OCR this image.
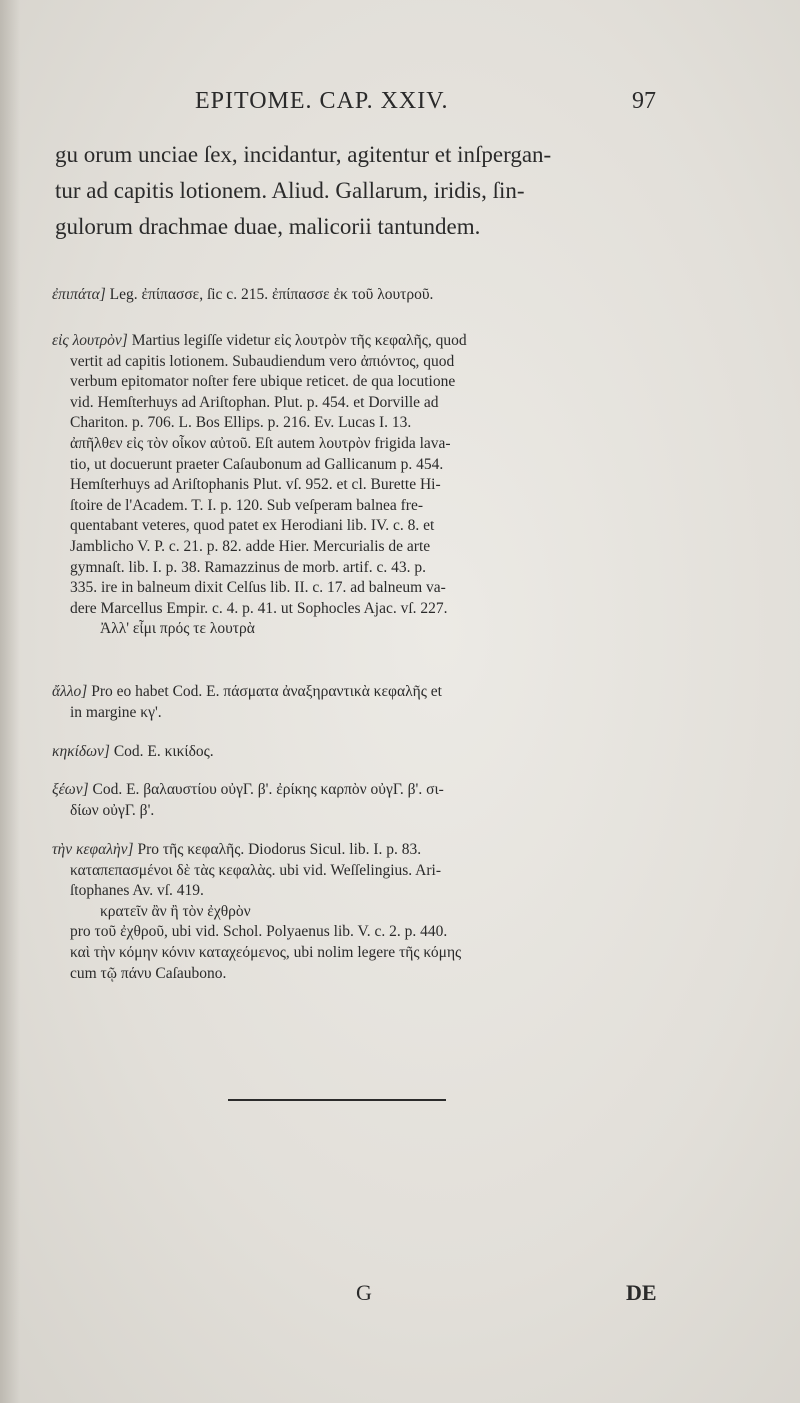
EPITOME. CAP. XXIV.	97
gu orum unciae ſex, incidantur, agitentur et inſpergan-
tur ad capitis lotionem. Aliud. Gallarum, iridis, ſin-
gulorum drachmae duae, malicorii tantundem.
ἐπιπάτα] Leg. ἐπίπασσε, ſic c. 215. ἐπίπασσε ἐκ τοῦ λουτροῦ.
εἰς λουτρὸν] Martius legiſſe videtur εἰς λουτρὸν τῆς κεφαλῆς, quod
vertit ad capitis lotionem. Subaudiendum vero ἀπιόντος, quod
verbum epitomator noſter fere ubique reticet. de qua locutione
vid. Hemſterhuys ad Ariſtophan. Plut. p. 454. et Dorville ad
Chariton. p. 706. L. Bos Ellips. p. 216. Ev. Lucas I. 13.
ἀπῆλθεν εἰς τὸν οἶκον αὐτοῦ. Eſt autem λουτρὸν frigida lava-
tio, ut docuerunt praeter Caſaubonum ad Gallicanum p. 454.
Hemſterhuys ad Ariſtophanis Plut. vſ. 952. et cl. Burette Hi-
ſtoire de l'Academ. T. I. p. 120. Sub veſperam balnea fre-
quentabant veteres, quod patet ex Herodiani lib. IV. c. 8. et
Jamblicho V. P. c. 21. p. 82. adde Hier. Mercurialis de arte
gymnaſt. lib. I. p. 38. Ramazzinus de morb. artif. c. 43. p.
335. ire in balneum dixit Celſus lib. II. c. 17. ad balneum va-
dere Marcellus Empir. c. 4. p. 41. ut Sophocles Ajac. vſ. 227.
Ἀλλ' εἶμι πρός τε λουτρὰ
ἄλλο] Pro eo habet Cod. E. πάσματα ἀναξηραντικὰ κεφαλῆς et
in margine κγ'.
κηκίδων] Cod. E. κικίδος.
ξέων] Cod. E. βαλαυστίου οὐγΓ. β'. ἐρίκης καρπὸν οὐγΓ. β'. σι-
δίων οὐγΓ. β'.
τὴν κεφαλὴν] Pro τῆς κεφαλῆς. Diodorus Sicul. lib. I. p. 83.
καταπεπασμένοι δὲ τὰς κεφαλὰς. ubi vid. Weſſelingius. Ari-
ſtophanes Av. vſ. 419.
κρατεῖν ἂν ἢ τὸν ἐχθρὸν
pro τοῦ ἐχθροῦ, ubi vid. Schol. Polyaenus lib. V. c. 2. p. 440.
καὶ τὴν κόμην κόνιν καταχεόμενος, ubi nolim legere τῆς κόμης
cum τῷ πάνυ Caſaubono.
G	DE
